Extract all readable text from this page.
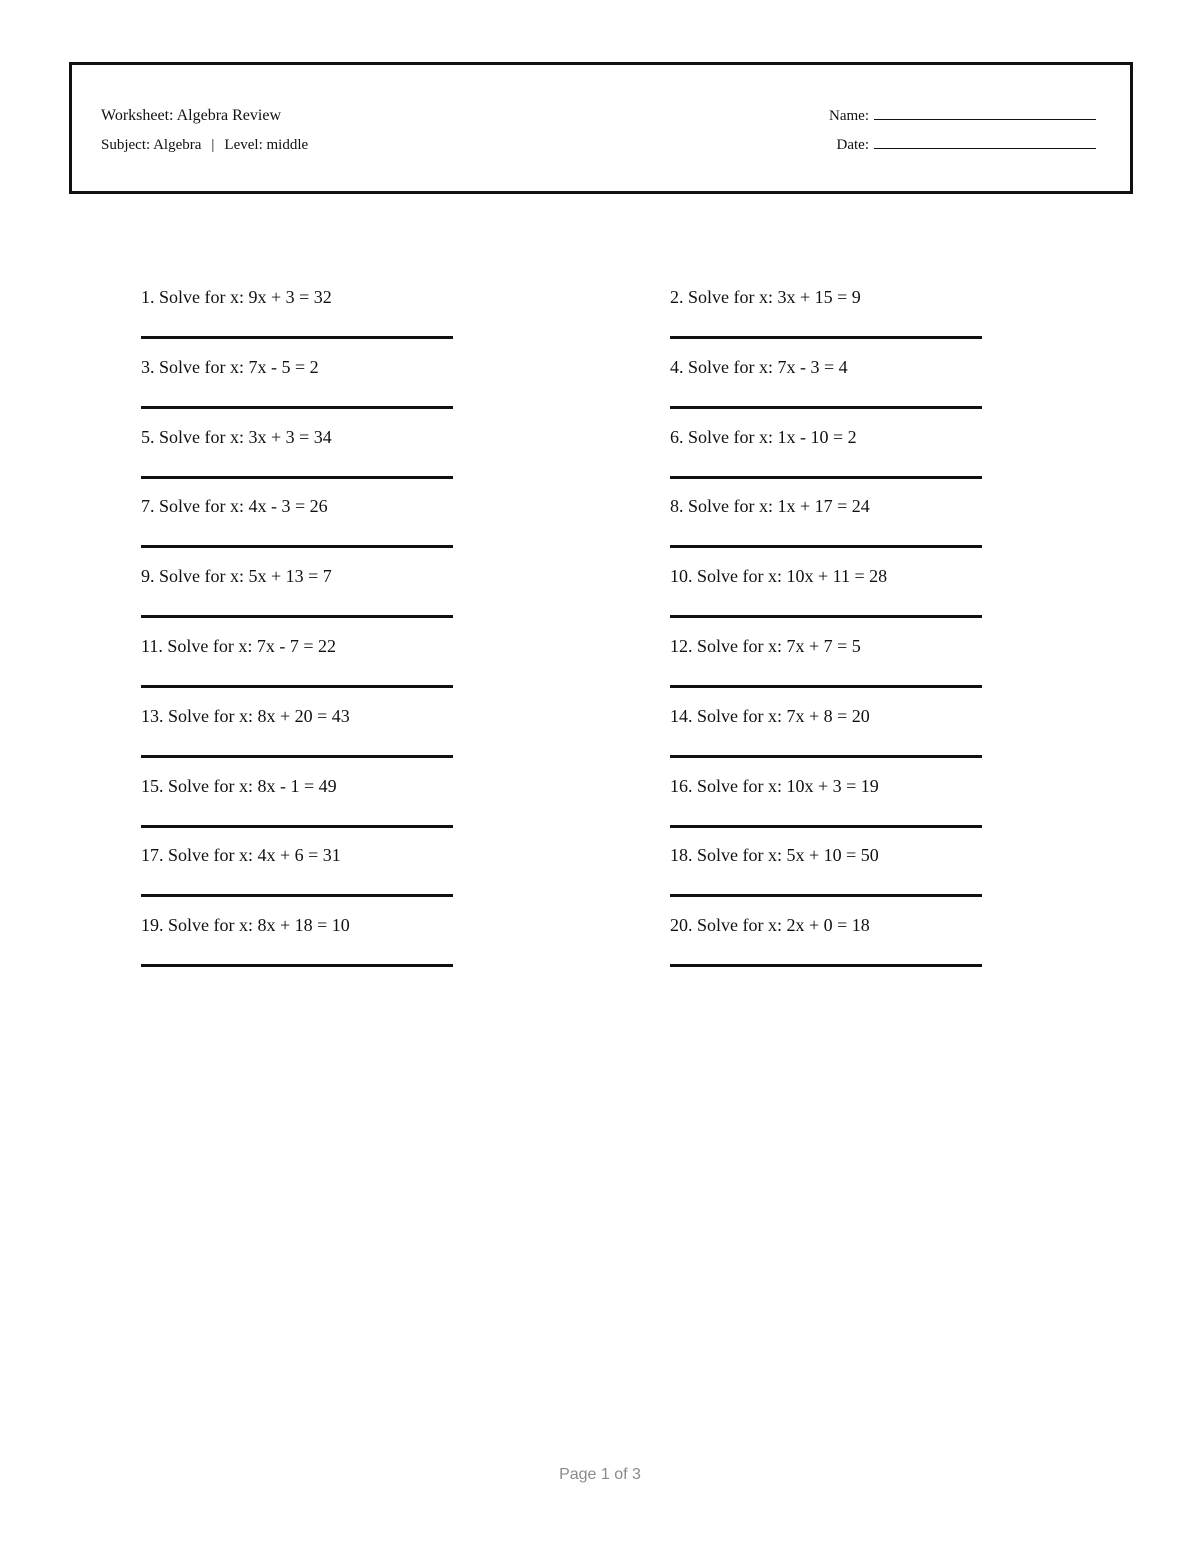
Worksheet: Algebra Review
Subject: Algebra | Level: middle
Name:
Date:
1. Solve for x: 9x + 3 = 32	2. Solve for x: 3x + 15 = 9
3. Solve for x: 7x - 5 = 2	4. Solve for x: 7x - 3 = 4
5. Solve for x: 3x + 3 = 34	6. Solve for x: 1x - 10 = 2
7. Solve for x: 4x - 3 = 26	8. Solve for x: 1x + 17 = 24
9. Solve for x: 5x + 13 = 7	10. Solve for x: 10x + 11 = 28
11. Solve for x: 7x - 7 = 22	12. Solve for x: 7x + 7 = 5
13. Solve for x: 8x + 20 = 43	14. Solve for x: 7x + 8 = 20
15. Solve for x: 8x - 1 = 49	16. Solve for x: 10x + 3 = 19
17. Solve for x: 4x + 6 = 31	18. Solve for x: 5x + 10 = 50
19. Solve for x: 8x + 18 = 10	20. Solve for x: 2x + 0 = 18
Page 1 of 3
